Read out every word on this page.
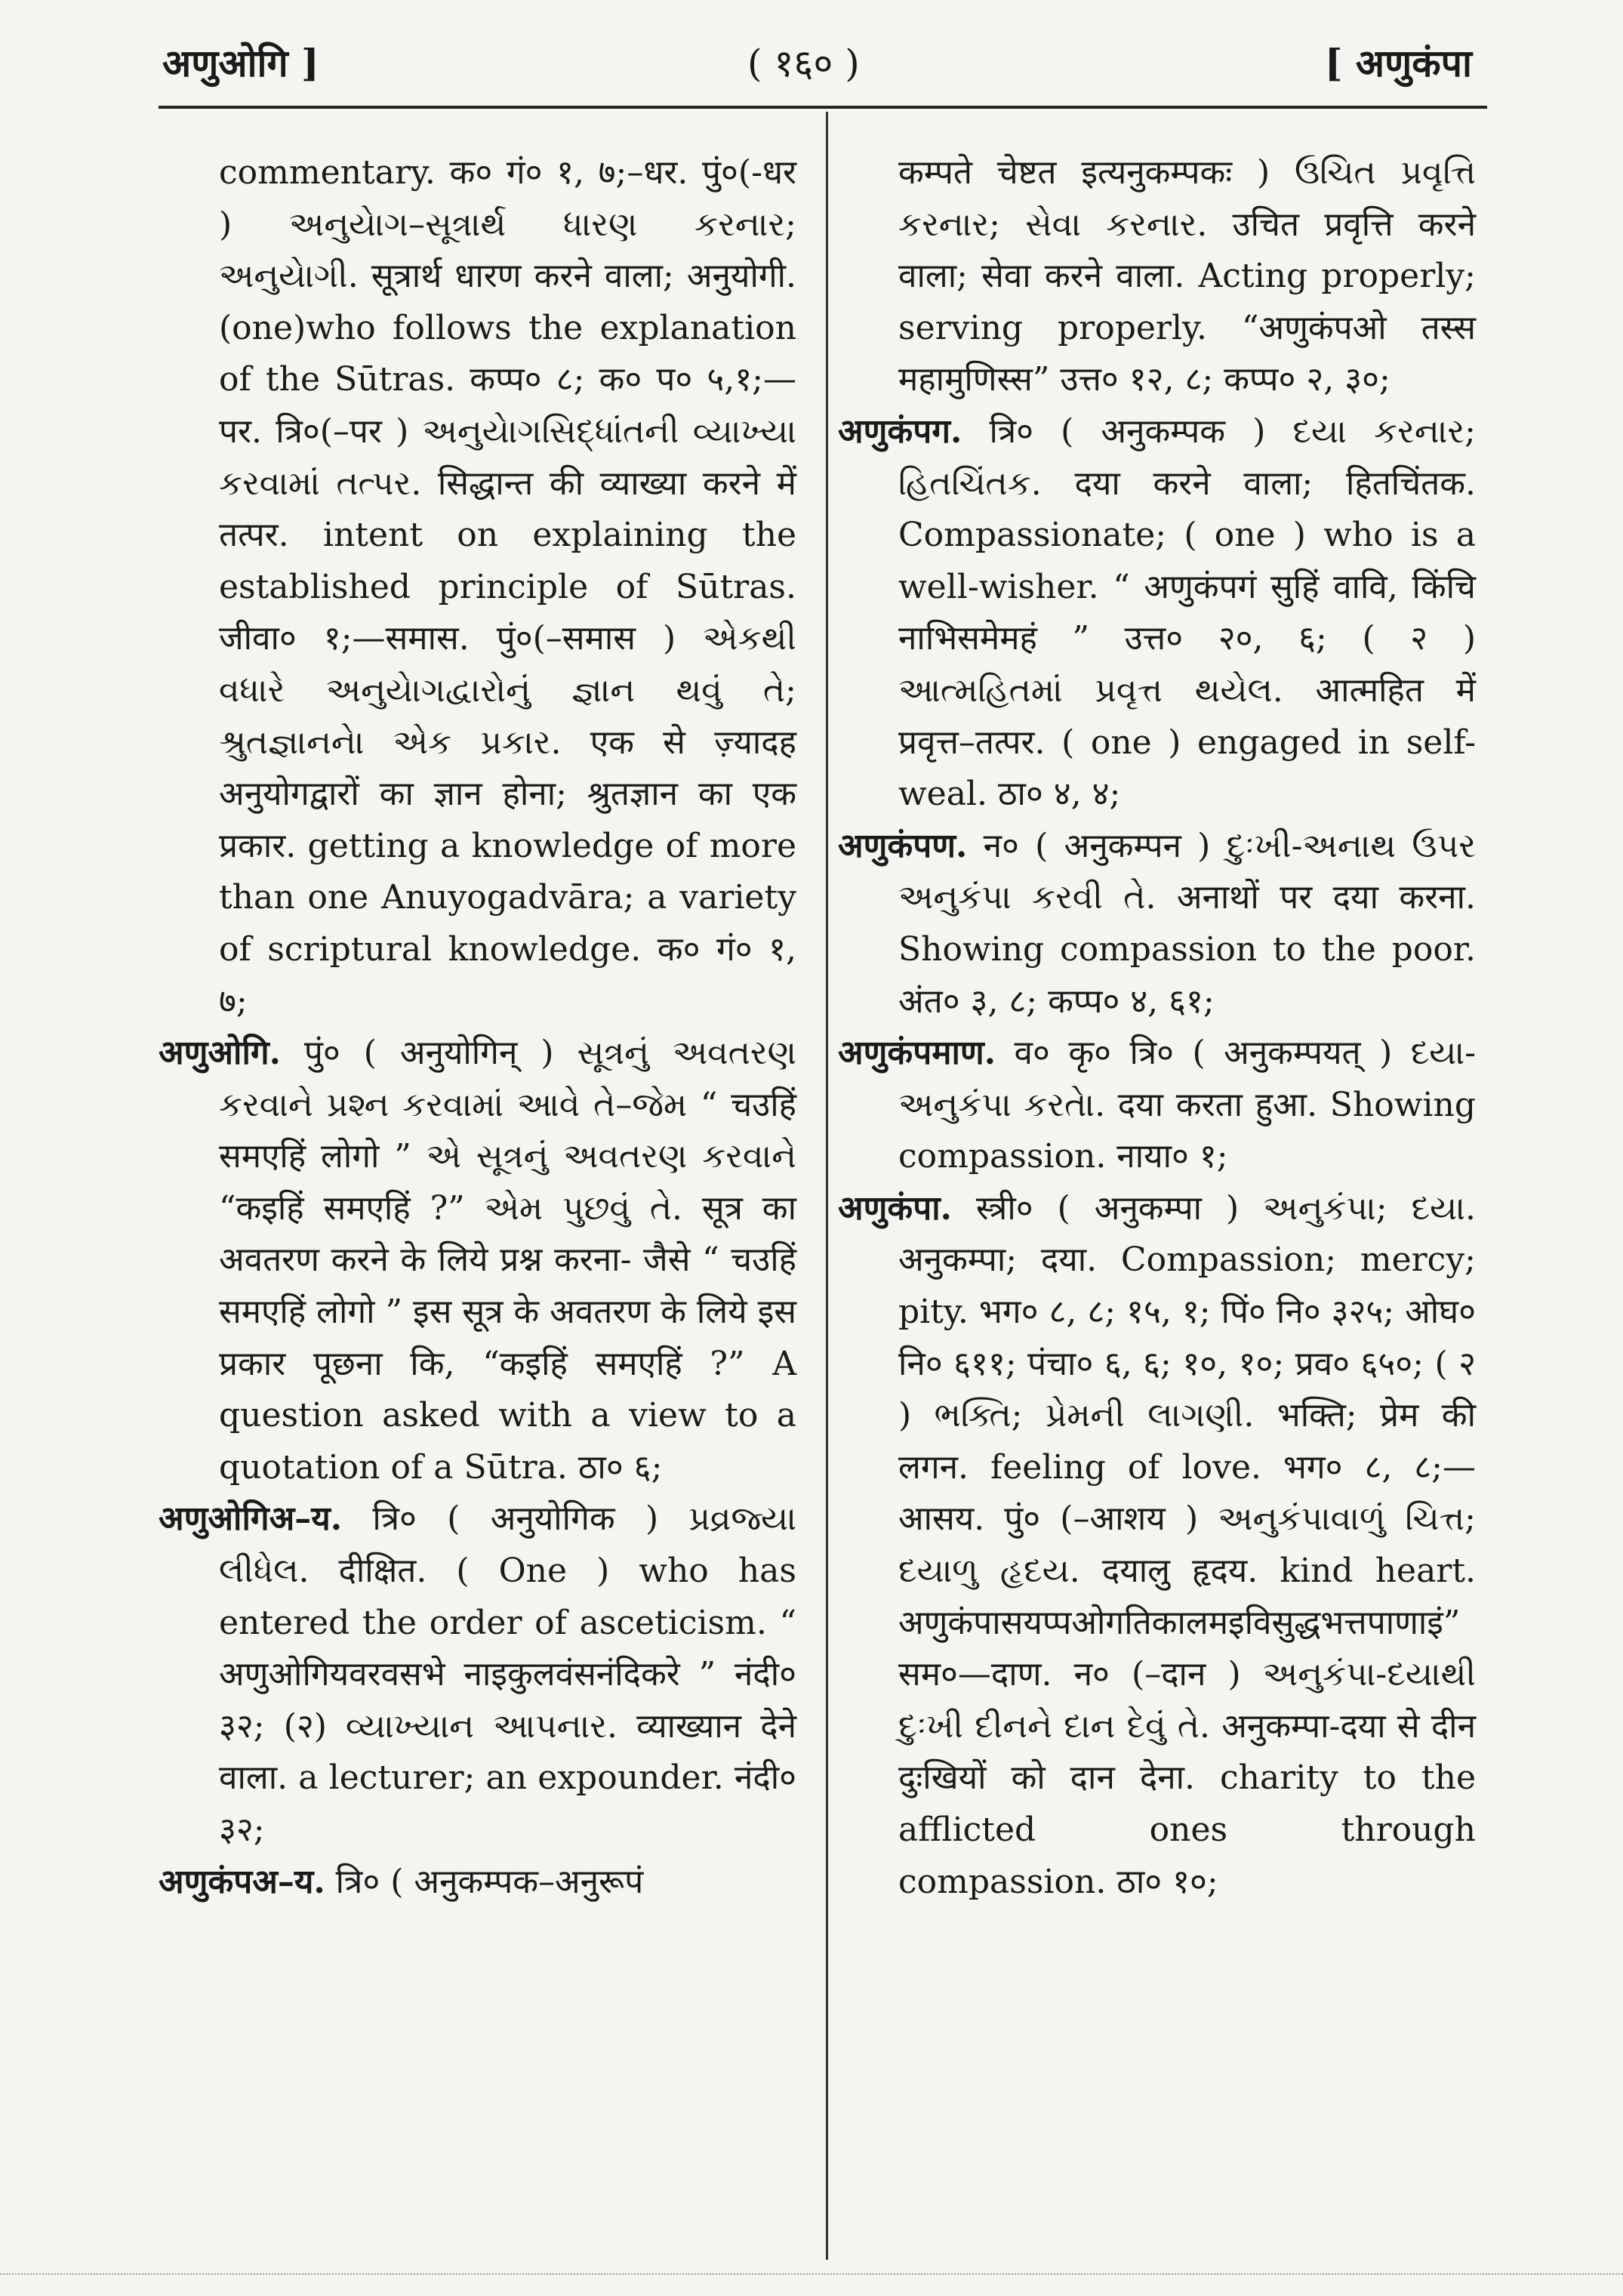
अणुओगि ]	( १६० )	[ अणुकंपा

commentary. क० गं० १, ७;–धर. पुं०(-धर ) અનુયેાગ–સૂત્રાર્થ ધારણ કરનાર; અનુયેાગી. सूत्रार्थ धारण करने वाला; अनुयोगी.(one)who follows the explanation of the Sūtras. कप्प० ८; क० प० ५,१;—पर. त्रि०(–पर ) અનુયેાગસિદ્ધાંતની વ્યાખ્યા કરવામાં તત્પર. सिद्धान्त की व्याख्या करने में तत्पर. intent on explaining the established principle of Sūtras. जीवा० १;—समास. पुं०(–समास ) એકથી વધારે અનુયેાગદ્વારોનું જ્ઞાન થવું તે; શ્રુતજ્ઞાનનેા એક પ્રકાર. एक से ज़्यादह अनुयोगद्वारों का ज्ञान होना; श्रुतज्ञान का एक प्रकार. getting a knowledge of more than one Anuyogadvāra; a variety of scriptural knowledge. क० गं० १, ७;

अणुओगि. पुं० ( अनुयोगिन् ) સૂત્રનું અવતરણ કરવાને પ્રશ્ન કરવામાં આવે તે–જેમ “ चउहिं समएहिं लोगो ” એ સૂત્રનું અવતરણ કરવાને “कइहिं समएहिं ?” એમ પુછવું તે. सूत्र का अवतरण करने के लिये प्रश्न करना- जैसे “ चउहिं समएहिं लोगो ” इस सूत्र के अवतरण के लिये इस प्रकार पूछना कि, “कइहिं समएहिं ?” A question asked with a view to a quotation of a Sūtra. ठा० ६;

अणुओगिअ–य. त्रि० ( अनुयोगिक ) પ્રવ્રજ્યા લીધેલ. दीक्षित. ( One ) who has entered the order of asceticism. “ अणुओगियवरवसभे नाइकुलवंसनंदिकरे ” नंदी० ३२; (२) વ્યાખ્યાન આપનાર. व्याख्यान देने वाला. a lecturer; an expounder. नंदी० ३२;

अणुकंपअ–य. त्रि० ( अनुकम्पक–अनुरूपं

कम्पते चेष्टत इत्यनुकम्पकः ) ઉચિત પ્રવૃત્તિ કરનાર; સેવા કરનાર. उचित प्रवृत्ति करने वाला; सेवा करने वाला. Acting properly; serving properly. “अणुकंपओ तस्स महामुणिस्स” उत्त० १२, ८; कप्प० २, ३०;

अणुकंपग. त्रि० ( अनुकम्पक ) દયા કરનાર; હિતચિંતક. दया करने वाला; हितचिंतक. Compassionate; ( one ) who is a well-wisher. “ अणुकंपगं सुहिं वावि, किंचि नाभिसमेमहं ” उत्त० २०, ६; ( २ ) આત્મહિતમાં પ્રવૃત્ત થયેલ. आत्महित में प्रवृत्त–तत्पर. ( one ) engaged in self-weal. ठा० ४, ४;

अणुकंपण. न० ( अनुकम्पन ) દુઃખી-અનાથ ઉપર અનુકંપા કરવી તે. अनाथों पर दया करना. Showing compassion to the poor. अंत० ३, ८; कप्प० ४, ६१;

अणुकंपमाण. व० कृ० त्रि० ( अनुकम्पयत् ) દયા-અનુકંપા કરતેા. दया करता हुआ. Showing compassion. नाया० १;

अणुकंपा. स्त्री० ( अनुकम्पा ) અનુકંપા; દયા. अनुकम्पा; दया. Compassion; mercy; pity. भग० ८, ८; १५, १; पिं० नि० ३२५; ओघ० नि० ६११; पंचा० ६, ६; १०, १०; प्रव० ६५०; ( २ ) ભક્તિ; પ્રેમની લાગણી. भक्ति; प्रेम की लगन. feeling of love. भग० ८, ८;—आसय. पुं० (–आशय ) અનુકંપાવાળું ચિત્ત; દયાળુ હૃદય. दयालु हृदय. kind heart. अणुकंपासयप्पओगतिकालमइविसुद्धभत्तपाणाइं” सम०—दाण. न० (–दान ) અનુકંપા-દયાથી દુઃખી દીનને દાન દેવું તે. अनुकम्पा-दया से दीन दुःखियों को दान देना. charity to the afflicted ones through compassion. ठा० १०;
